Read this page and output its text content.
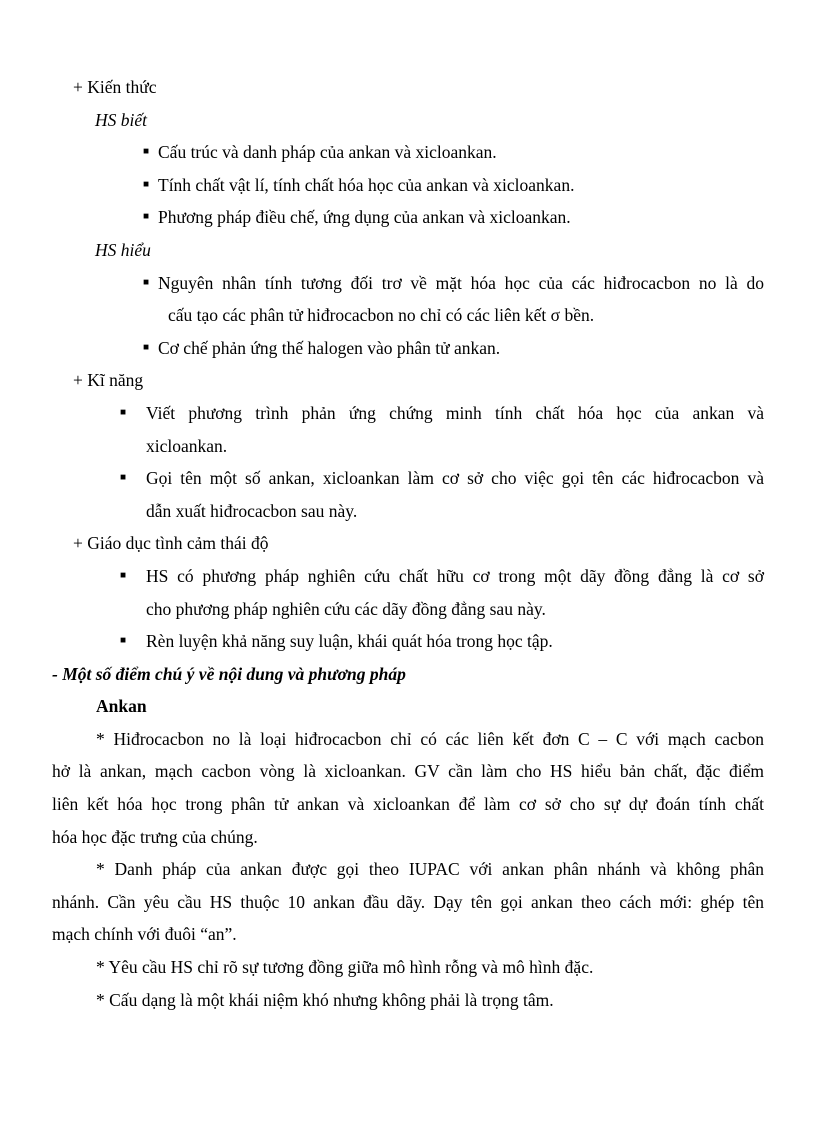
+ Kiến thức
HS biết
■ Cấu trúc và danh pháp của ankan và xicloankan.
■ Tính chất vật lí, tính chất hóa học của ankan và xicloankan.
■ Phương pháp điều chế, ứng dụng của ankan và xicloankan.
HS hiểu
■ Nguyên nhân tính tương đối trơ về mặt hóa học của các hiđrocacbon no là do
cấu tạo các phân tử hiđrocacbon no chỉ có các liên kết σ bền.
■ Cơ chế phản ứng thế halogen vào phân tử ankan.
+ Kĩ năng
■ Viết phương trình phản ứng chứng minh tính chất hóa học của ankan và
xicloankan.
■ Gọi tên một số ankan, xicloankan làm cơ sở cho việc gọi tên các hiđrocacbon và
dẫn xuất hiđrocacbon sau này.
+ Giáo dục tình cảm thái độ
■ HS có phương pháp nghiên cứu chất hữu cơ trong một dãy đồng đẳng là cơ sở
cho phương pháp nghiên cứu các dãy đồng đẳng sau này.
■ Rèn luyện khả năng suy luận, khái quát hóa trong học tập.
- Một số điểm chú ý về nội dung và phương pháp
Ankan
* Hiđrocacbon no là loại hiđrocacbon chỉ có các liên kết đơn C – C với mạch cacbon
hở là ankan, mạch cacbon vòng là xicloankan. GV cần làm cho HS hiểu bản chất, đặc điểm
liên kết hóa học trong phân tử ankan và xicloankan để làm cơ sở cho sự dự đoán tính chất
hóa học đặc trưng của chúng.
* Danh pháp của ankan được gọi theo IUPAC với ankan phân nhánh và không phân
nhánh. Cần yêu cầu HS thuộc 10 ankan đầu dãy. Dạy tên gọi ankan theo cách mới: ghép tên
mạch chính với đuôi “an”.
* Yêu cầu HS chỉ rõ sự tương đồng giữa mô hình rỗng và mô hình đặc.
* Cấu dạng là một khái niệm khó nhưng không phải là trọng tâm.
